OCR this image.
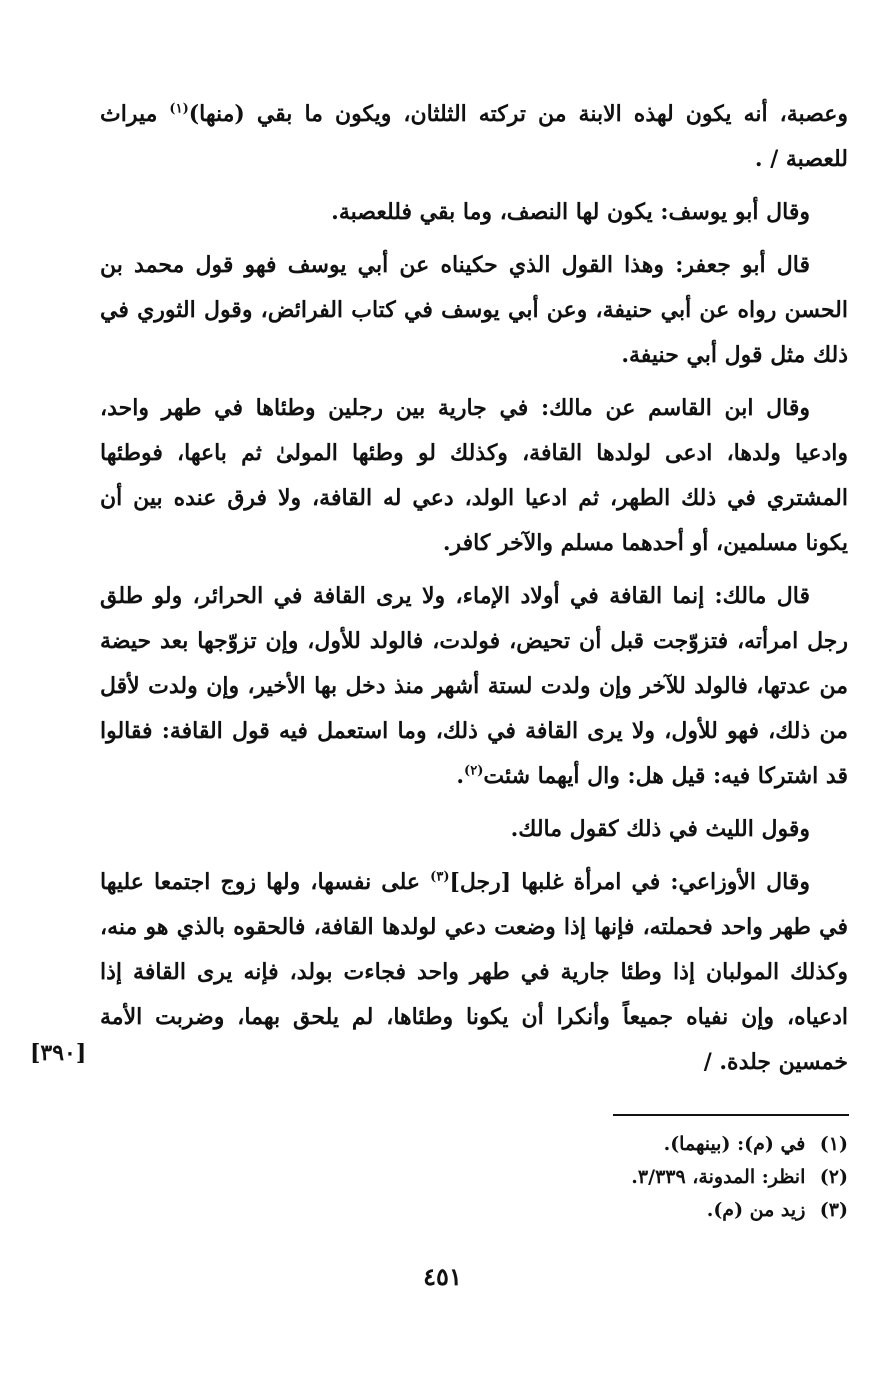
وعصبة، أنه يكون لهذه الابنة من تركته الثلثان، ويكون ما بقي (منها)$^{(١)}$ ميراث للعصبة / .

وقال أبو يوسف: يكون لها النصف، وما بقي فللعصبة.

قال أبو جعفر: وهذا القول الذي حكيناه عن أبي يوسف فهو قول محمد بن الحسن رواه عن أبي حنيفة، وعن أبي يوسف في كتاب الفرائض، وقول الثوري في ذلك مثل قول أبي حنيفة.

وقال ابن القاسم عن مالك: في جارية بين رجلين وطئاها في طهر واحد، وادعيا ولدها، ادعى لولدها القافة، وكذلك لو وطئها المولىٰ ثم باعها، فوطئها المشتري في ذلك الطهر، ثم ادعيا الولد، دعي له القافة، ولا فرق عنده بين أن يكونا مسلمين، أو أحدهما مسلم والآخر كافر.

قال مالك: إنما القافة في أولاد الإماء، ولا يرى القافة في الحرائر، ولو طلق رجل امرأته، فتزوّجت قبل أن تحيض، فولدت، فالولد للأول، وإن تزوّجها بعد حيضة من عدتها، فالولد للآخر وإن ولدت لستة أشهر منذ دخل بها الأخير، وإن ولدت لأقل من ذلك، فهو للأول، ولا يرى القافة في ذلك، وما استعمل فيه قول القافة: فقالوا قد اشتركا فيه: قيل هل: وال أيهما شئت$^{(٢)}$.

وقول الليث في ذلك كقول مالك.

وقال الأوزاعي: في امرأة غلبها [رجل]$^{(٣)}$ على نفسها، ولها زوج اجتمعا عليها في طهر واحد فحملته، فإنها إذا وضعت دعي لولدها القافة، فالحقوه بالذي هو منه، وكذلك المولبان إذا وطئا جارية في طهر واحد فجاءت بولد، فإنه يرى القافة إذا ادعياه، وإن نفياه جميعاً وأنكرا أن يكونا وطئاها، لم يلحق بهما، وضربت الأمة خمسين جلدة. /

[٣٩٠]
(١) في (م): (بينهما).
(٢) انظر: المدونة، ٣/٣٣٩.
(٣) زيد من (م).
٤٥١
